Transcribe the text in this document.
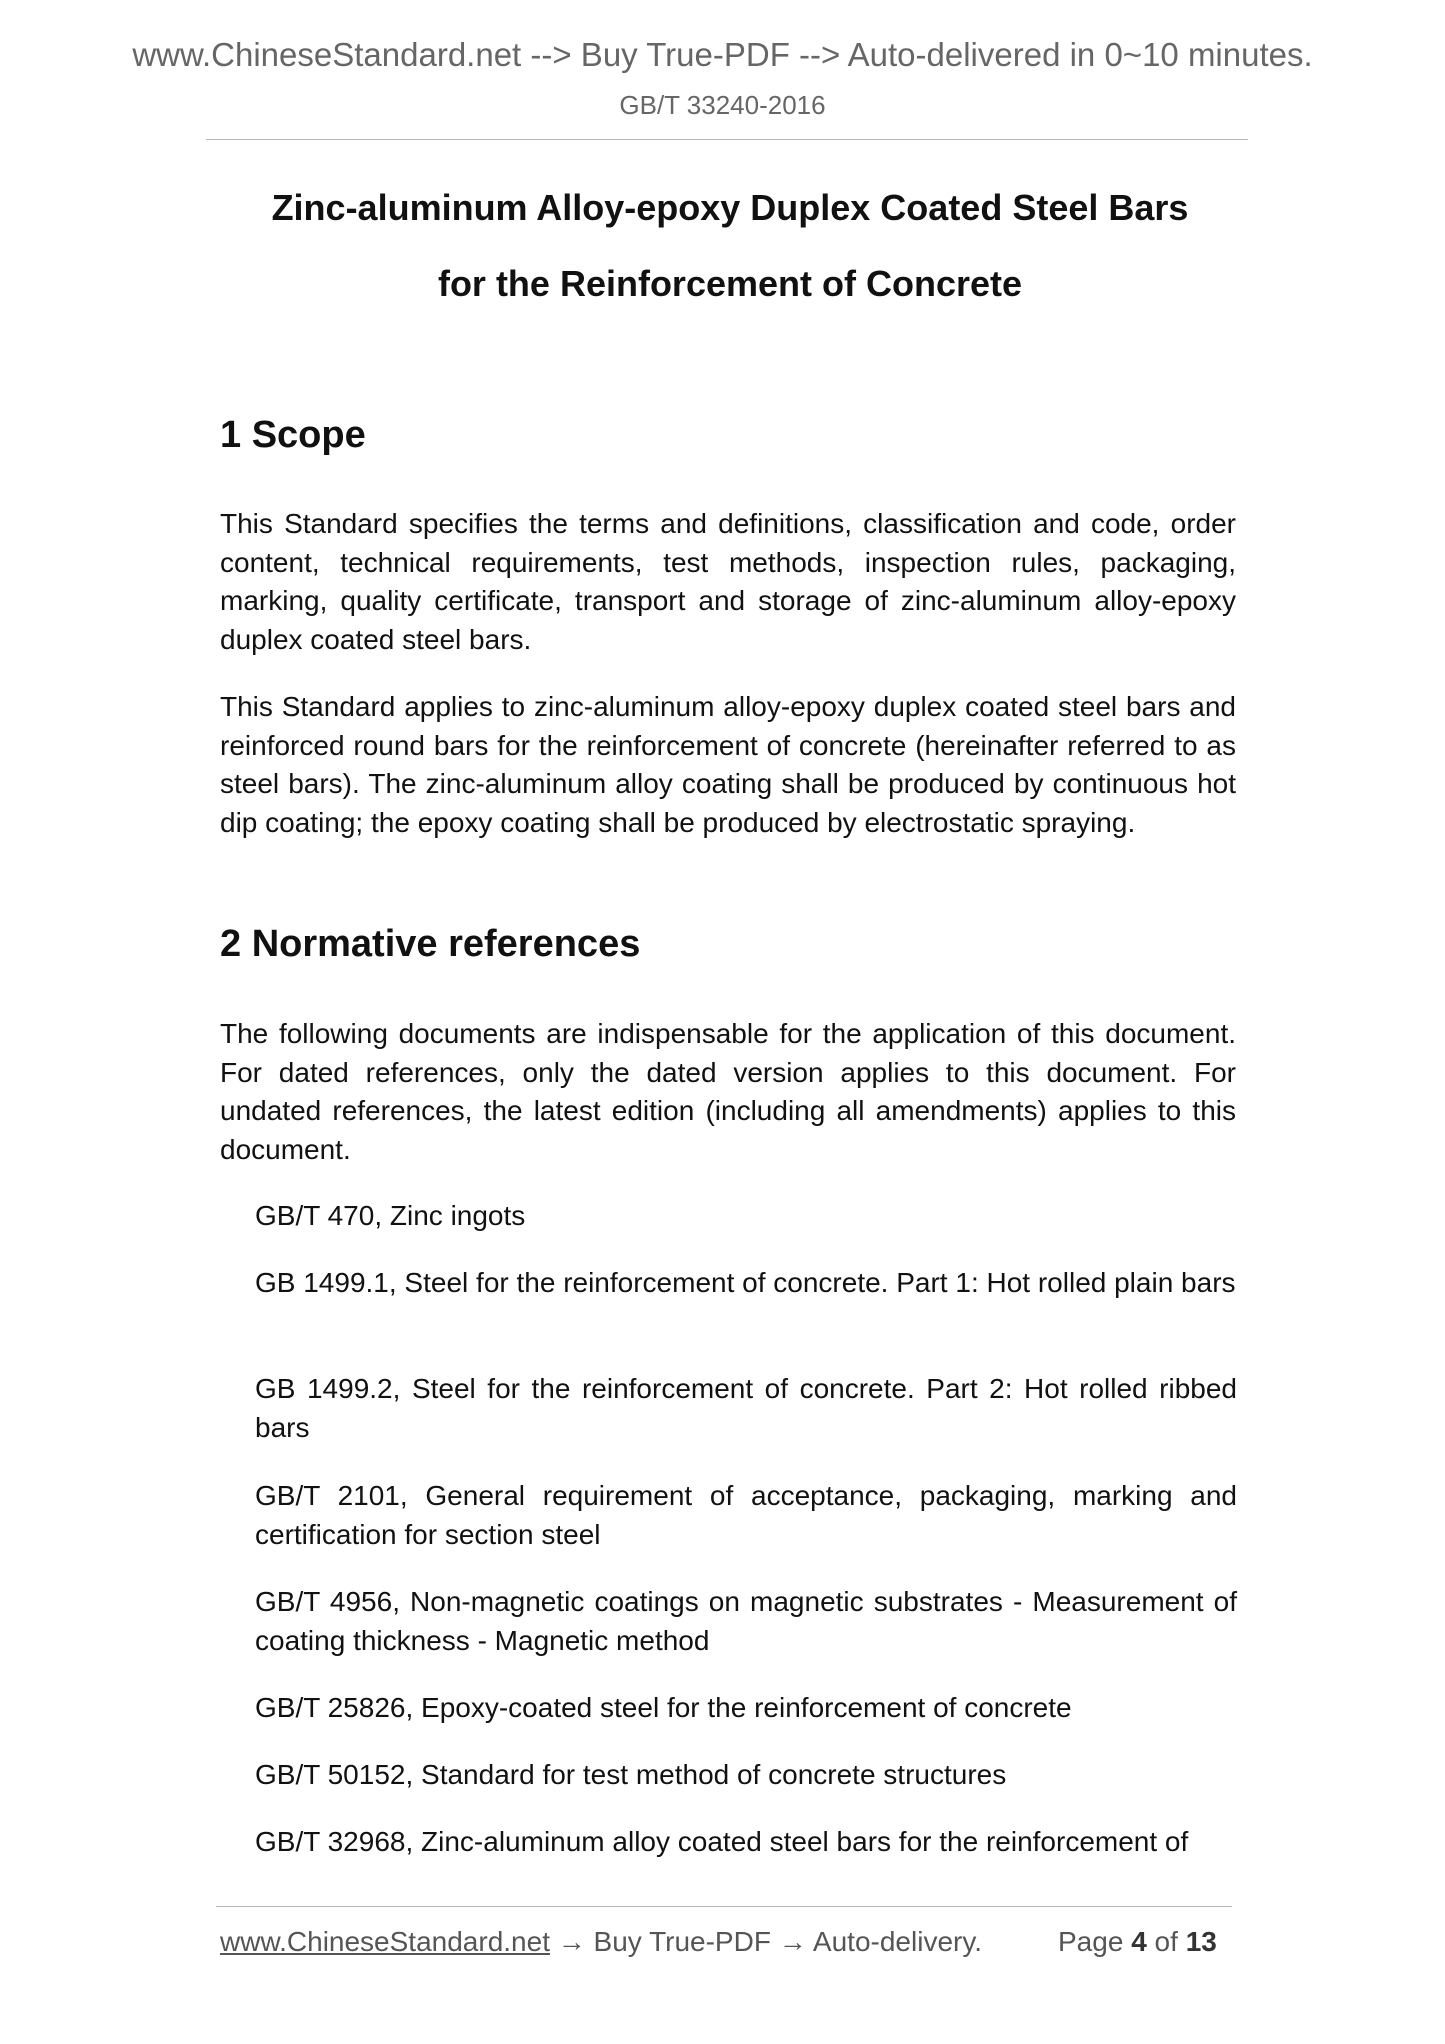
www.ChineseStandard.net --> Buy True-PDF --> Auto-delivered in 0~10 minutes.
GB/T 33240-2016
Zinc-aluminum Alloy-epoxy Duplex Coated Steel Bars
for the Reinforcement of Concrete
1 Scope
This Standard specifies the terms and definitions, classification and code, order content, technical requirements, test methods, inspection rules, packaging, marking, quality certificate, transport and storage of zinc-aluminum alloy-epoxy duplex coated steel bars.
This Standard applies to zinc-aluminum alloy-epoxy duplex coated steel bars and reinforced round bars for the reinforcement of concrete (hereinafter referred to as steel bars). The zinc-aluminum alloy coating shall be produced by continuous hot dip coating; the epoxy coating shall be produced by electrostatic spraying.
2 Normative references
The following documents are indispensable for the application of this document. For dated references, only the dated version applies to this document. For undated references, the latest edition (including all amendments) applies to this document.
GB/T 470, Zinc ingots
GB 1499.1, Steel for the reinforcement of concrete. Part 1: Hot rolled plain bars
GB 1499.2, Steel for the reinforcement of concrete. Part 2: Hot rolled ribbed bars
GB/T 2101, General requirement of acceptance, packaging, marking and certification for section steel
GB/T 4956, Non-magnetic coatings on magnetic substrates - Measurement of coating thickness - Magnetic method
GB/T 25826, Epoxy-coated steel for the reinforcement of concrete
GB/T 50152, Standard for test method of concrete structures
GB/T 32968, Zinc-aluminum alloy coated steel bars for the reinforcement of
www.ChineseStandard.net → Buy True-PDF → Auto-delivery.	Page 4 of 13
